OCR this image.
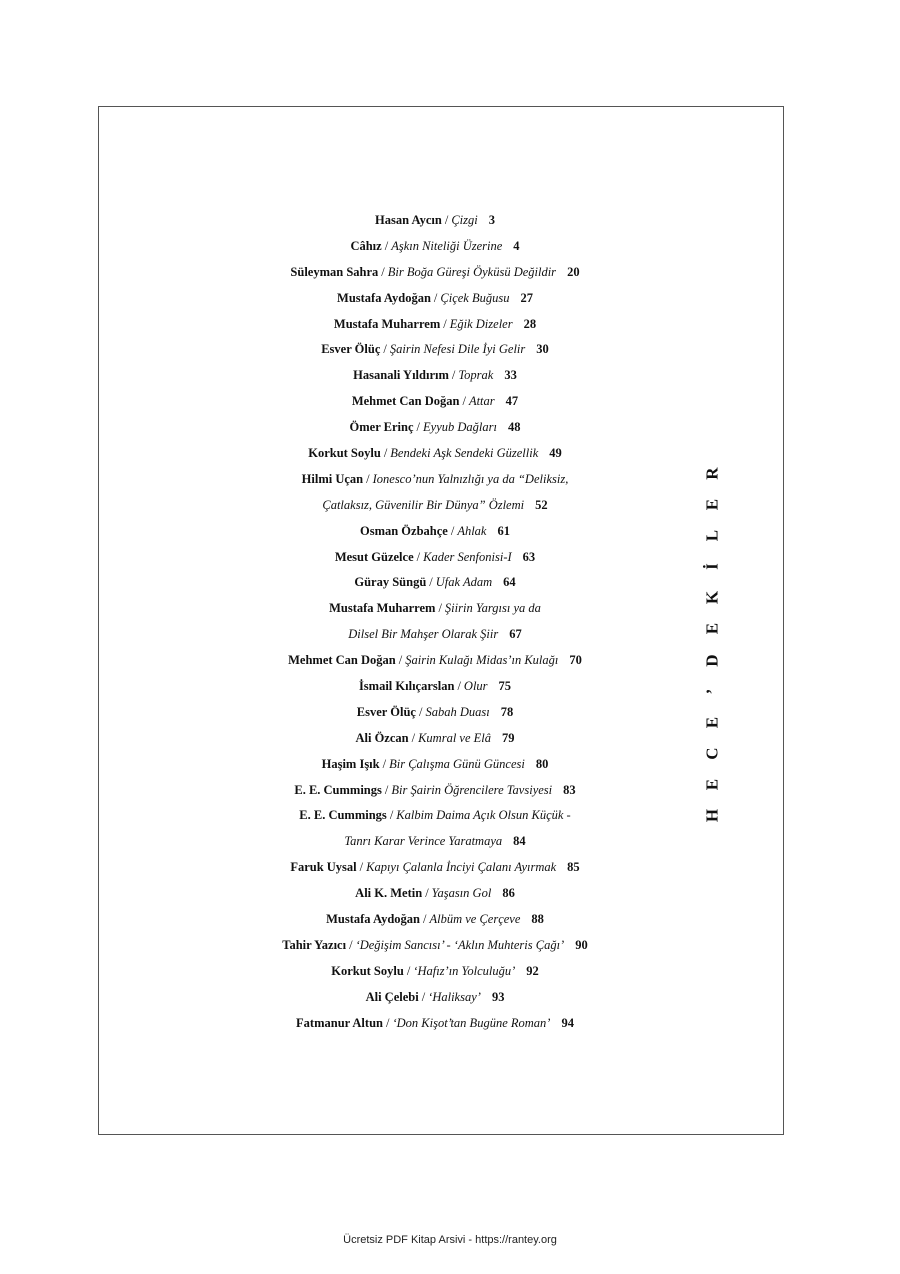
Hasan Aycın / Çizgi 3
Câhız / Aşkın Niteliği Üzerine 4
Süleyman Sahra / Bir Boğa Güreşi Öyküsü Değildir 20
Mustafa Aydoğan / Çiçek Buğusu 27
Mustafa Muharrem / Eğik Dizeler 28
Esver Ölüç / Şairin Nefesi Dile İyi Gelir 30
Hasanali Yıldırım / Toprak 33
Mehmet Can Doğan / Attar 47
Ömer Erinç / Eyyub Dağları 48
Korkut Soylu / Bendeki Aşk Sendeki Güzellik 49
Hilmi Uçan / Ionesco’nun Yalnızlığı ya da “Deliksiz,
Çatlaksız, Güvenilir Bir Dünya” Özlemi 52
Osman Özbahçe / Ahlak 61
Mesut Güzelce / Kader Senfonisi-I 63
Güray Süngü / Ufak Adam 64
Mustafa Muharrem / Şiirin Yargısı ya da
Dilsel Bir Mahşer Olarak Şiir 67
Mehmet Can Doğan / Şairin Kulağı Midas’ın Kulağı 70
İsmail Kılıçarslan / Olur 75
Esver Ölüç / Sabah Duası 78
Ali Özcan / Kumral ve Elâ 79
Haşim Işık / Bir Çalışma Günü Güncesi 80
E. E. Cummings / Bir Şairin Öğrencilere Tavsiyesi 83
E. E. Cummings / Kalbim Daima Açık Olsun Küçük -
Tanrı Karar Verince Yaratmaya 84
Faruk Uysal / Kapıyı Çalanla İnciyi Çalanı Ayırmak 85
Ali K. Metin / Yaşasın Gol 86
Mustafa Aydoğan / Albüm ve Çerçeve 88
Tahir Yazıcı / ‘Değişim Sancısı’ - ‘Aklın Muhteris Çağı’ 90
Korkut Soylu / ‘Hafız’ın Yolculuğu’ 92
Ali Çelebi / ‘Haliksay’ 93
Fatmanur Altun / ‘Don Kişot’tan Bugüne Roman’ 94
R
E
L
İ
K
E
D
’
E
C
E
H
Ücretsiz PDF Kitap Arsivi - https://rantey.org
